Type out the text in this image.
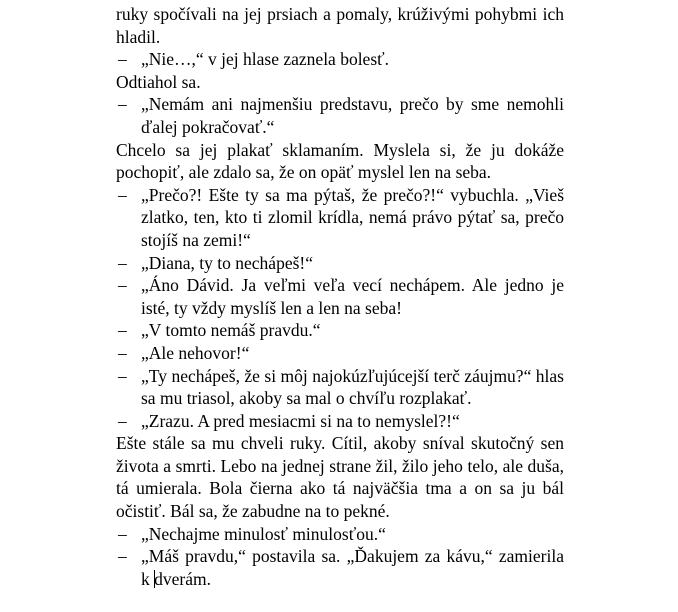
ruky spočívali na jej prsiach a pomaly, krúživými pohybmi ich hladil.

– „Nie…,“ v jej hlase zaznela bolesť.

Odtiahol sa.

– „Nemám ani najmenšiu predstavu, prečo by sme nemohli ďalej pokračovať.“

Chcelo sa jej plakať sklamaním. Myslela si, že ju dokáže pochopiť, ale zdalo sa, že on opäť myslel len na seba.

– „Prečo?! Ešte ty sa ma pýtaš, že prečo?!“ vybuchla. „Vieš zlatko, ten, kto ti zlomil krídla, nemá právo pýtať sa, prečo stojíš na zemi!“

– „Diana, ty to nechápeš!“

– „Áno Dávid. Ja veľmi veľa vecí nechápem. Ale jedno je isté, ty vždy myslíš len a len na seba!

– „V tomto nemáš pravdu.“

– „Ale nehovor!“

– „Ty nechápeš, že si môj najokúzľujúcejší terč záujmu?“ hlas sa mu triasol, akoby sa mal o chvíľu rozplakať.

– „Zrazu. A pred mesiacmi si na to nemyslel?!“

Ešte stále sa mu chveli ruky. Cítil, akoby sníval skutočný sen života a smrti. Lebo na jednej strane žil, žilo jeho telo, ale duša, tá umierala. Bola čierna ako tá najväčšia tma a on sa ju bál očistiť. Bál sa, že zabudne na to pekné.

– „Nechajme minulosť minulosťou.“

– „Máš pravdu,“ postavila sa. „Ďakujem za kávu,“ zamierila k dverám.
